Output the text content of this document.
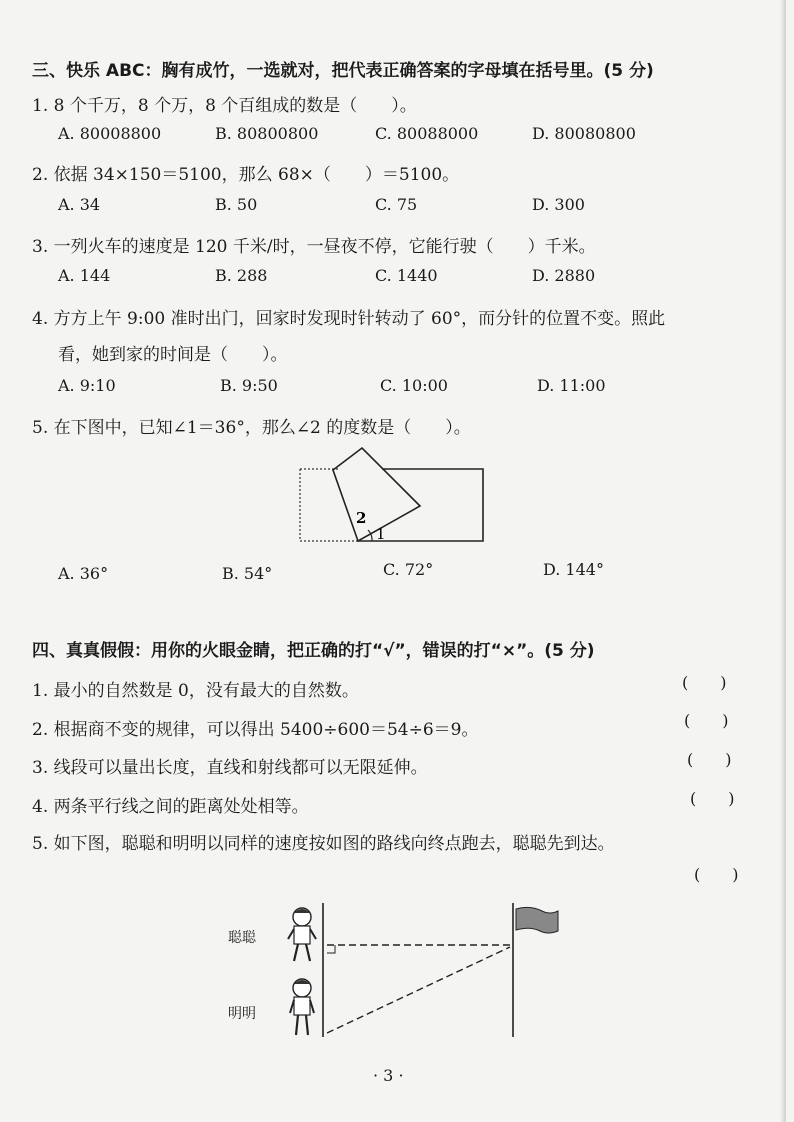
三、快乐 ABC：胸有成竹，一选就对，把代表正确答案的字母填在括号里。(5 分)
1. 8 个千万，8 个万，8 个百组成的数是（　　）。
A. 80008800	B. 80800800	C. 80088000	D. 80080800
2. 依据 34×150＝5100，那么 68×（　　）＝5100。
A. 34	B. 50	C. 75	D. 300
3. 一列火车的速度是 120 千米/时，一昼夜不停，它能行驶（　　）千米。
A. 144	B. 288	C. 1440	D. 2880
4. 方方上午 9:00 准时出门，回家时发现时针转动了 60°，而分针的位置不变。照此
看，她到家的时间是（　　）。
A. 9:10	B. 9:50	C. 10:00	D. 11:00
5. 在下图中，已知∠1＝36°，那么∠2 的度数是（　　）。
2
1
A. 36°	B. 54°	C. 72°	D. 144°
四、真真假假：用你的火眼金睛，把正确的打“√”，错误的打“×”。(5 分)
1. 最小的自然数是 0，没有最大的自然数。	(　　)
2. 根据商不变的规律，可以得出 5400÷600＝54÷6＝9。	(　　)
3. 线段可以量出长度，直线和射线都可以无限延伸。	(　　)
4. 两条平行线之间的距离处处相等。	(　　)
5. 如下图，聪聪和明明以同样的速度按如图的路线向终点跑去，聪聪先到达。
(　　)
聪聪
明明
· 3 ·
